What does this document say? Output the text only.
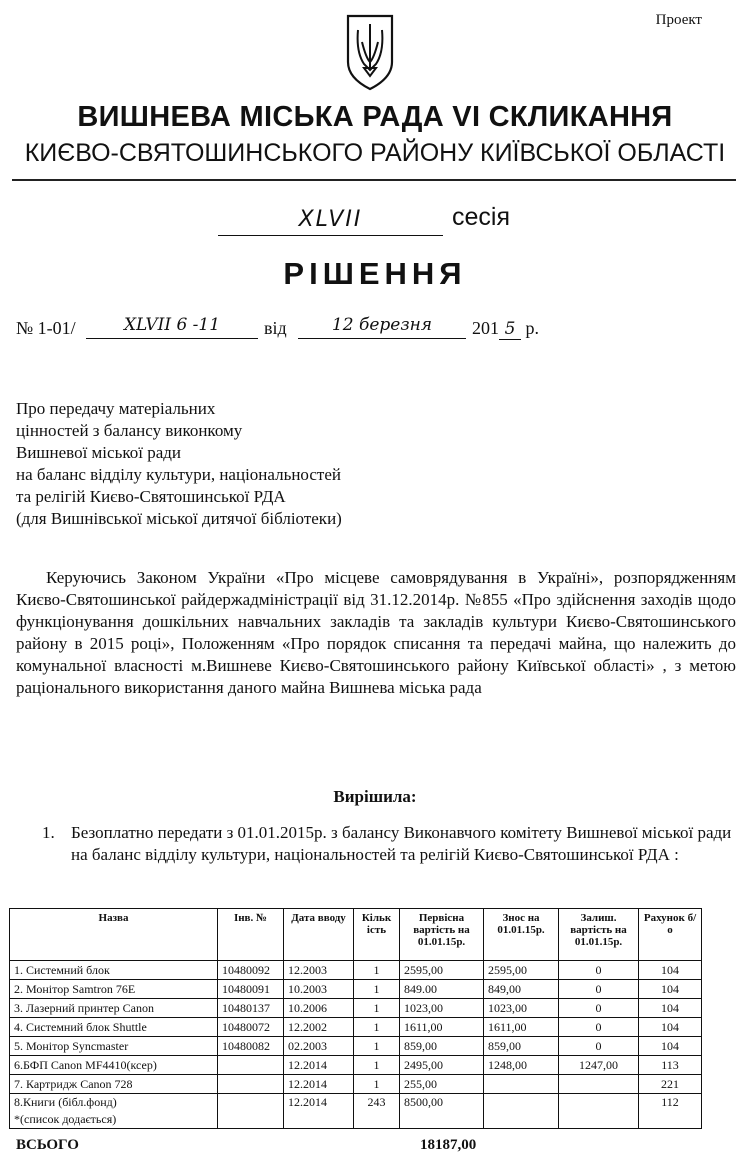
Проект
ВИШНЕВА МІСЬКА РАДА VI СКЛИКАННЯ
КИЄВО-СВЯТОШИНСЬКОГО РАЙОНУ КИЇВСЬКОЇ ОБЛАСТІ
XLVII	сесія
РІШЕННЯ
№ 1-01/	XLVII 6 -11	від	12 березня	201 5 р.
Про передачу матеріальних
цінностей з балансу виконкому
Вишневої міської ради
на баланс відділу культури, національностей
та релігій Києво-Святошинської РДА
(для Вишнівської міської дитячої бібліотеки)
Керуючись Законом України «Про місцеве самоврядування в Україні», розпорядженням Києво-Святошинської райдержадміністрації від 31.12.2014р. №855 «Про здійснення заходів щодо функціонування дошкільних навчальних закладів та закладів культури Києво-Святошинського району в 2015 році», Положенням «Про порядок списання та передачі майна, що належить до комунальної власності м.Вишневе Києво-Святошинського району Київської області» , з метою раціонального використання даного майна Вишнева міська рада
Вирішила:
1. Безоплатно передати з 01.01.2015р. з балансу Виконавчого комітету Вишневої міської ради на баланс відділу культури, національностей та релігій Києво-Святошинської РДА :
Назва	Інв. №	Дата вводу	Кільк ість	Первісна вартість на 01.01.15р.	Знос на 01.01.15р.	Залиш. вартість на 01.01.15р.	Рахунок б/о
1. Системний блок	10480092	12.2003	1	2595,00	2595,00	0	104
2. Монітор Samtron 76E	10480091	10.2003	1	849.00	849,00	0	104
3. Лазерний принтер Canon	10480137	10.2006	1	1023,00	1023,00	0	104
4. Системний блок Shuttle	10480072	12.2002	1	1611,00	1611,00	0	104
5. Монітор Syncmaster	10480082	02.2003	1	859,00	859,00	0	104
6.БФП Canon MF4410(ксер)		12.2014	1	2495,00	1248,00	1247,00	113
7. Картридж Canon 728		12.2014	1	255,00			221

8.Книги (бібл.фонд)
*(список додається)		12.2014	243	8500,00			112
ВСЬОГО	18187,00
